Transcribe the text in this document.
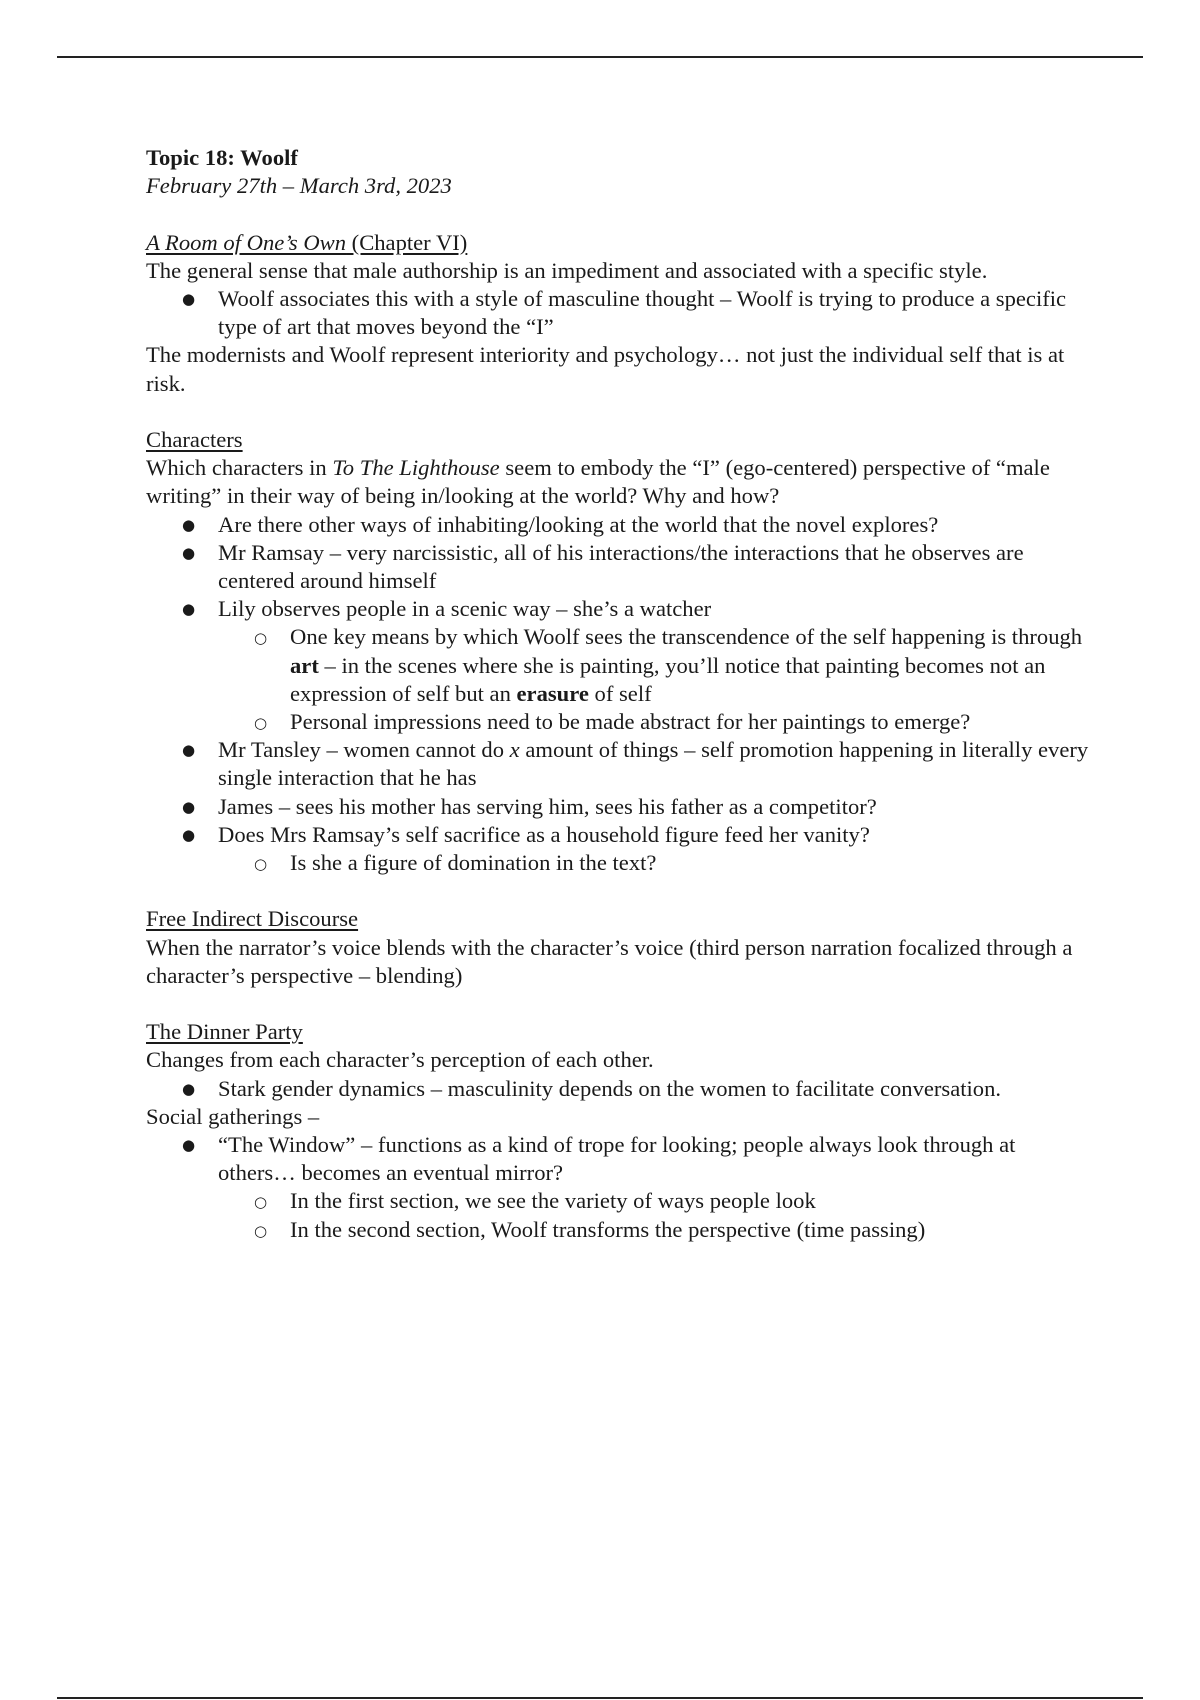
Topic 18: Woolf
February 27th – March 3rd, 2023
A Room of One’s Own (Chapter VI)

The general sense that male authorship is an impediment and associated with a specific style.

● Woolf associates this with a style of masculine thought – Woolf is trying to produce a specific type of art that moves beyond the “I”

The modernists and Woolf represent interiority and psychology… not just the individual self that is at risk.

Characters

Which characters in To The Lighthouse seem to embody the “I” (ego-centered) perspective of “male writing” in their way of being in/looking at the world? Why and how?

● Are there other ways of inhabiting/looking at the world that the novel explores?
● Mr Ramsay – very narcissistic, all of his interactions/the interactions that he observes are centered around himself
● Lily observes people in a scenic way – she’s a watcher
○ One key means by which Woolf sees the transcendence of the self happening is through art – in the scenes where she is painting, you’ll notice that painting becomes not an expression of self but an erasure of self
○ Personal impressions need to be made abstract for her paintings to emerge?
● Mr Tansley – women cannot do x amount of things – self promotion happening in literally every single interaction that he has
● James – sees his mother has serving him, sees his father as a competitor?
● Does Mrs Ramsay’s self sacrifice as a household figure feed her vanity?
○ Is she a figure of domination in the text?
Free Indirect Discourse

When the narrator’s voice blends with the character’s voice (third person narration focalized through a character’s perspective – blending)

The Dinner Party

Changes from each character’s perception of each other.

● Stark gender dynamics – masculinity depends on the women to facilitate conversation.

Social gatherings –

● “The Window” – functions as a kind of trope for looking; people always look through at others… becomes an eventual mirror?
○ In the first section, we see the variety of ways people look
○ In the second section, Woolf transforms the perspective (time passing)
